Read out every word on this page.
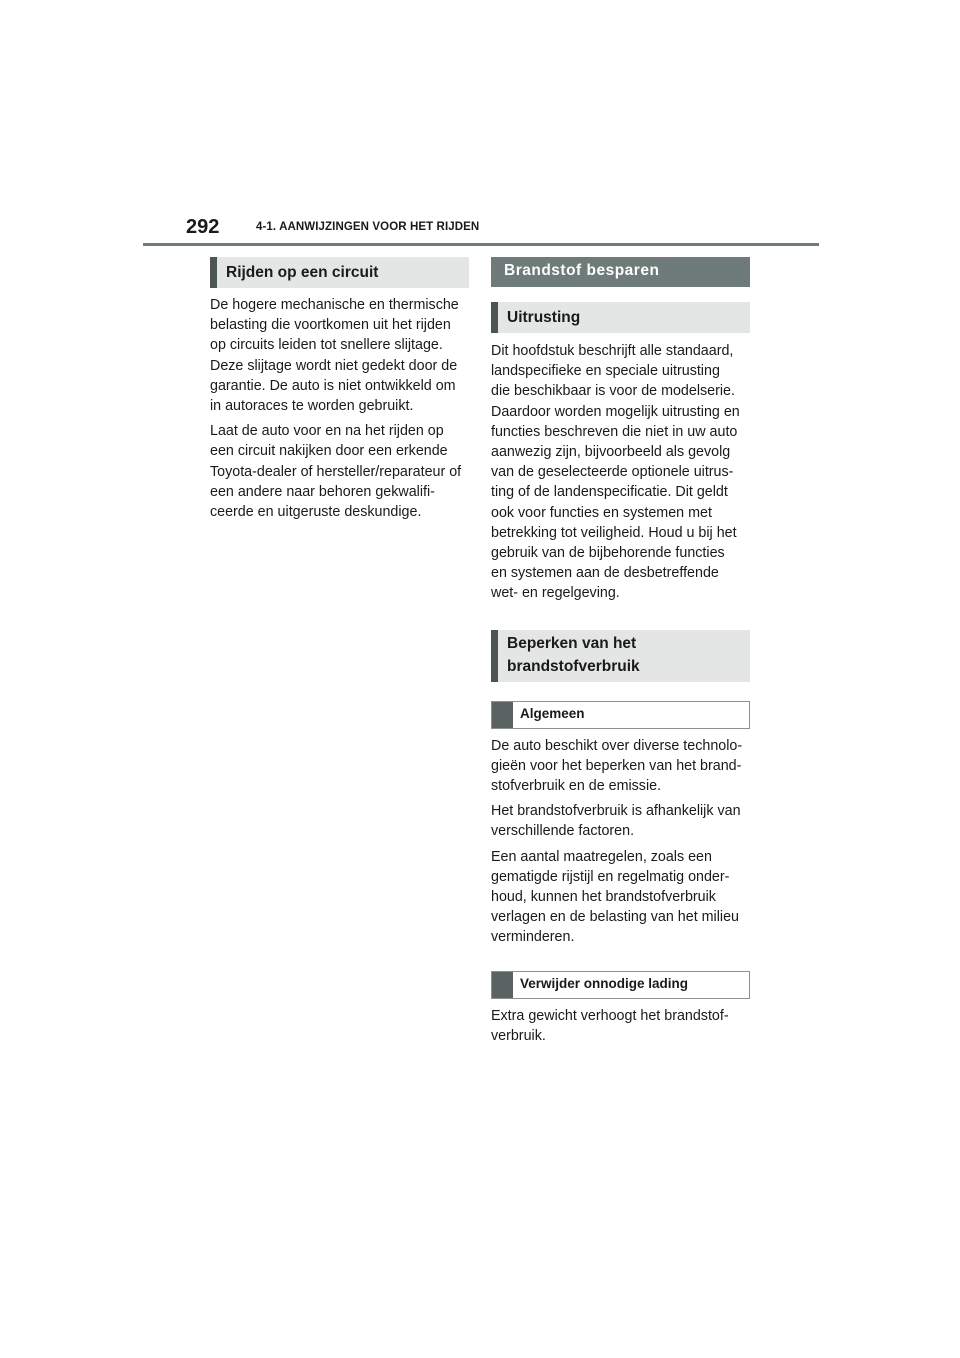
292	4-1. AANWIJZINGEN VOOR HET RIJDEN
Rijden op een circuit

De hogere mechanische en thermische
belasting die voortkomen uit het rijden
op circuits leiden tot snellere slijtage.
Deze slijtage wordt niet gedekt door de
garantie. De auto is niet ontwikkeld om
in autoraces te worden gebruikt.

Laat de auto voor en na het rijden op
een circuit nakijken door een erkende
Toyota-dealer of hersteller/reparateur of
een andere naar behoren gekwalifi-
ceerde en uitgeruste deskundige.

Brandstof besparen
Uitrusting

Dit hoofdstuk beschrijft alle standaard,
landspecifieke en speciale uitrusting
die beschikbaar is voor de modelserie.
Daardoor worden mogelijk uitrusting en
functies beschreven die niet in uw auto
aanwezig zijn, bijvoorbeeld als gevolg
van de geselecteerde optionele uitrus-
ting of de landenspecificatie. Dit geldt
ook voor functies en systemen met
betrekking tot veiligheid. Houd u bij het
gebruik van de bijbehorende functies
en systemen aan de desbetreffende
wet- en regelgeving.

Beperken van het
brandstofverbruik
Algemeen

De auto beschikt over diverse technolo-
gieën voor het beperken van het brand-
stofverbruik en de emissie.

Het brandstofverbruik is afhankelijk van
verschillende factoren.

Een aantal maatregelen, zoals een
gematigde rijstijl en regelmatig onder-
houd, kunnen het brandstofverbruik
verlagen en de belasting van het milieu
verminderen.

Verwijder onnodige lading

Extra gewicht verhoogt het brandstof-
verbruik.
